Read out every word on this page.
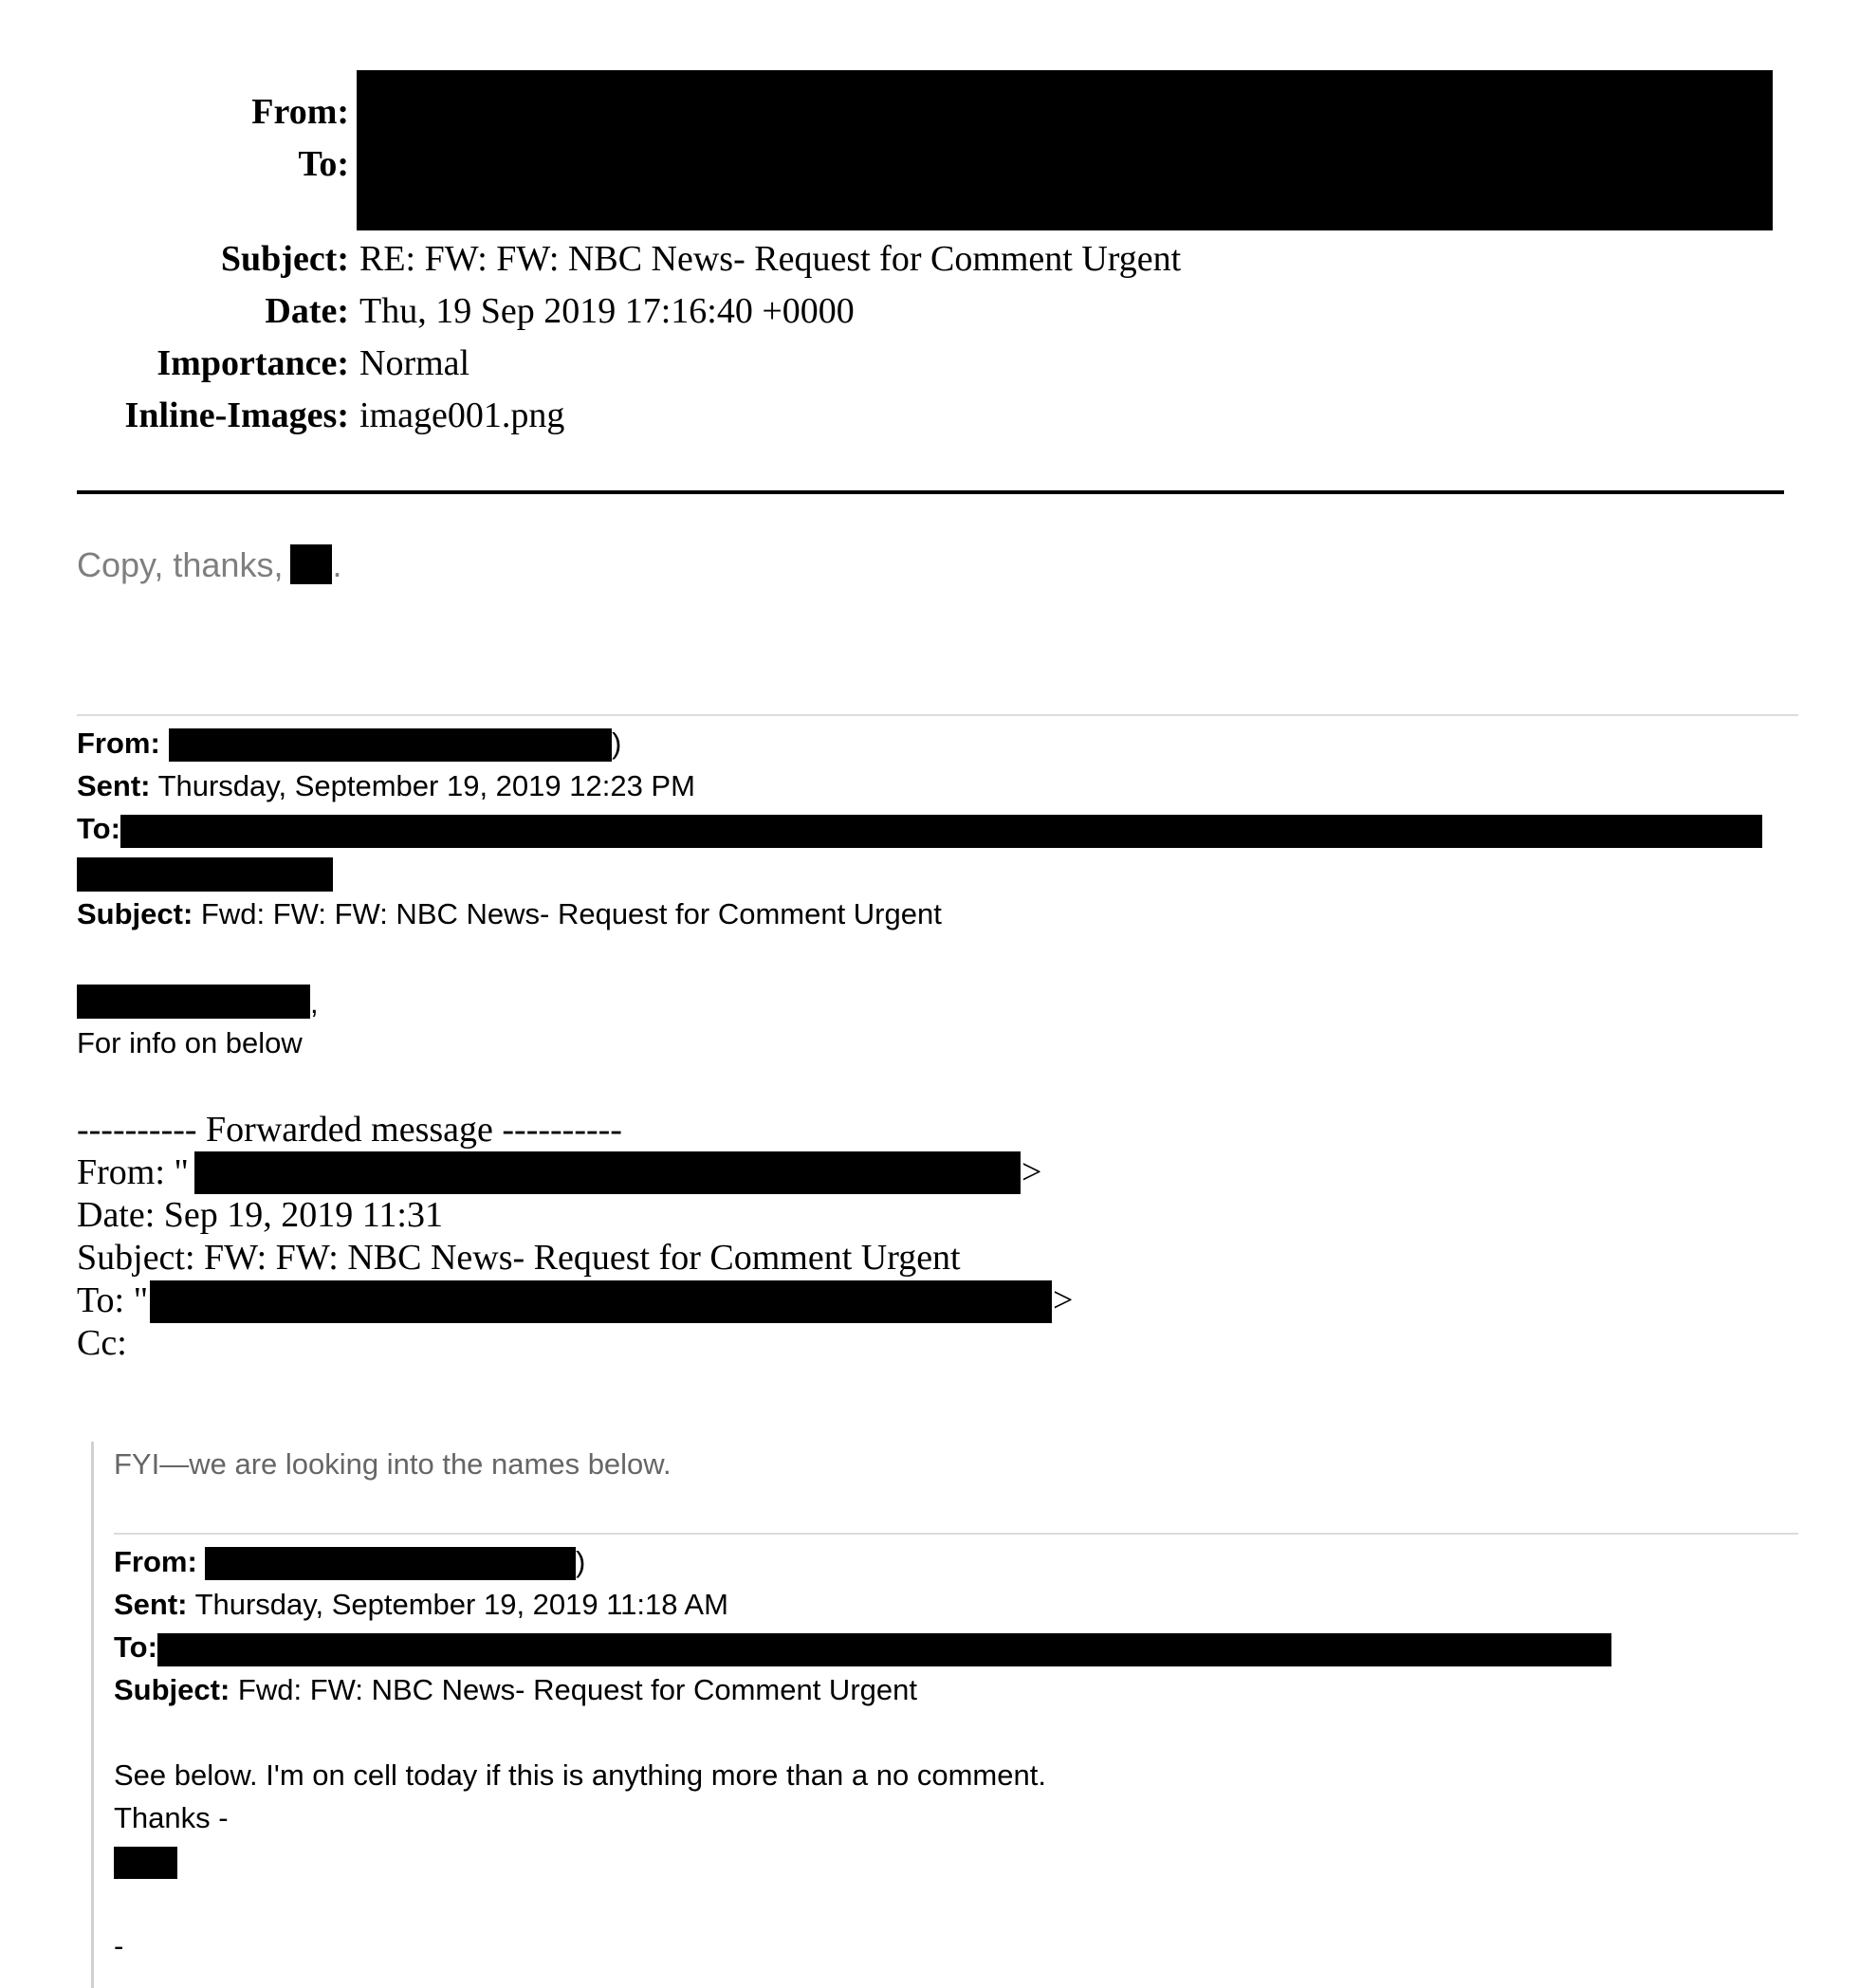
From:
To:
Subject: RE: FW: FW: NBC News- Request for Comment Urgent
Date: Thu, 19 Sep 2019 17:16:40 +0000
Importance: Normal
Inline-Images: image001.png
Copy, thanks, .
From:	)
Sent: Thursday, September 19, 2019 12:23 PM
To:
Subject: Fwd: FW: FW: NBC News- Request for Comment Urgent
,
For info on below
---------- Forwarded message ----------
From: "	>
Date: Sep 19, 2019 11:31
Subject: FW: FW: NBC News- Request for Comment Urgent
To: "	>
Cc:
FYI—we are looking into the names below.
From:	)
Sent: Thursday, September 19, 2019 11:18 AM
To:
Subject: Fwd: FW: NBC News- Request for Comment Urgent
See below. I'm on cell today if this is anything more than a no comment.
Thanks -
-
